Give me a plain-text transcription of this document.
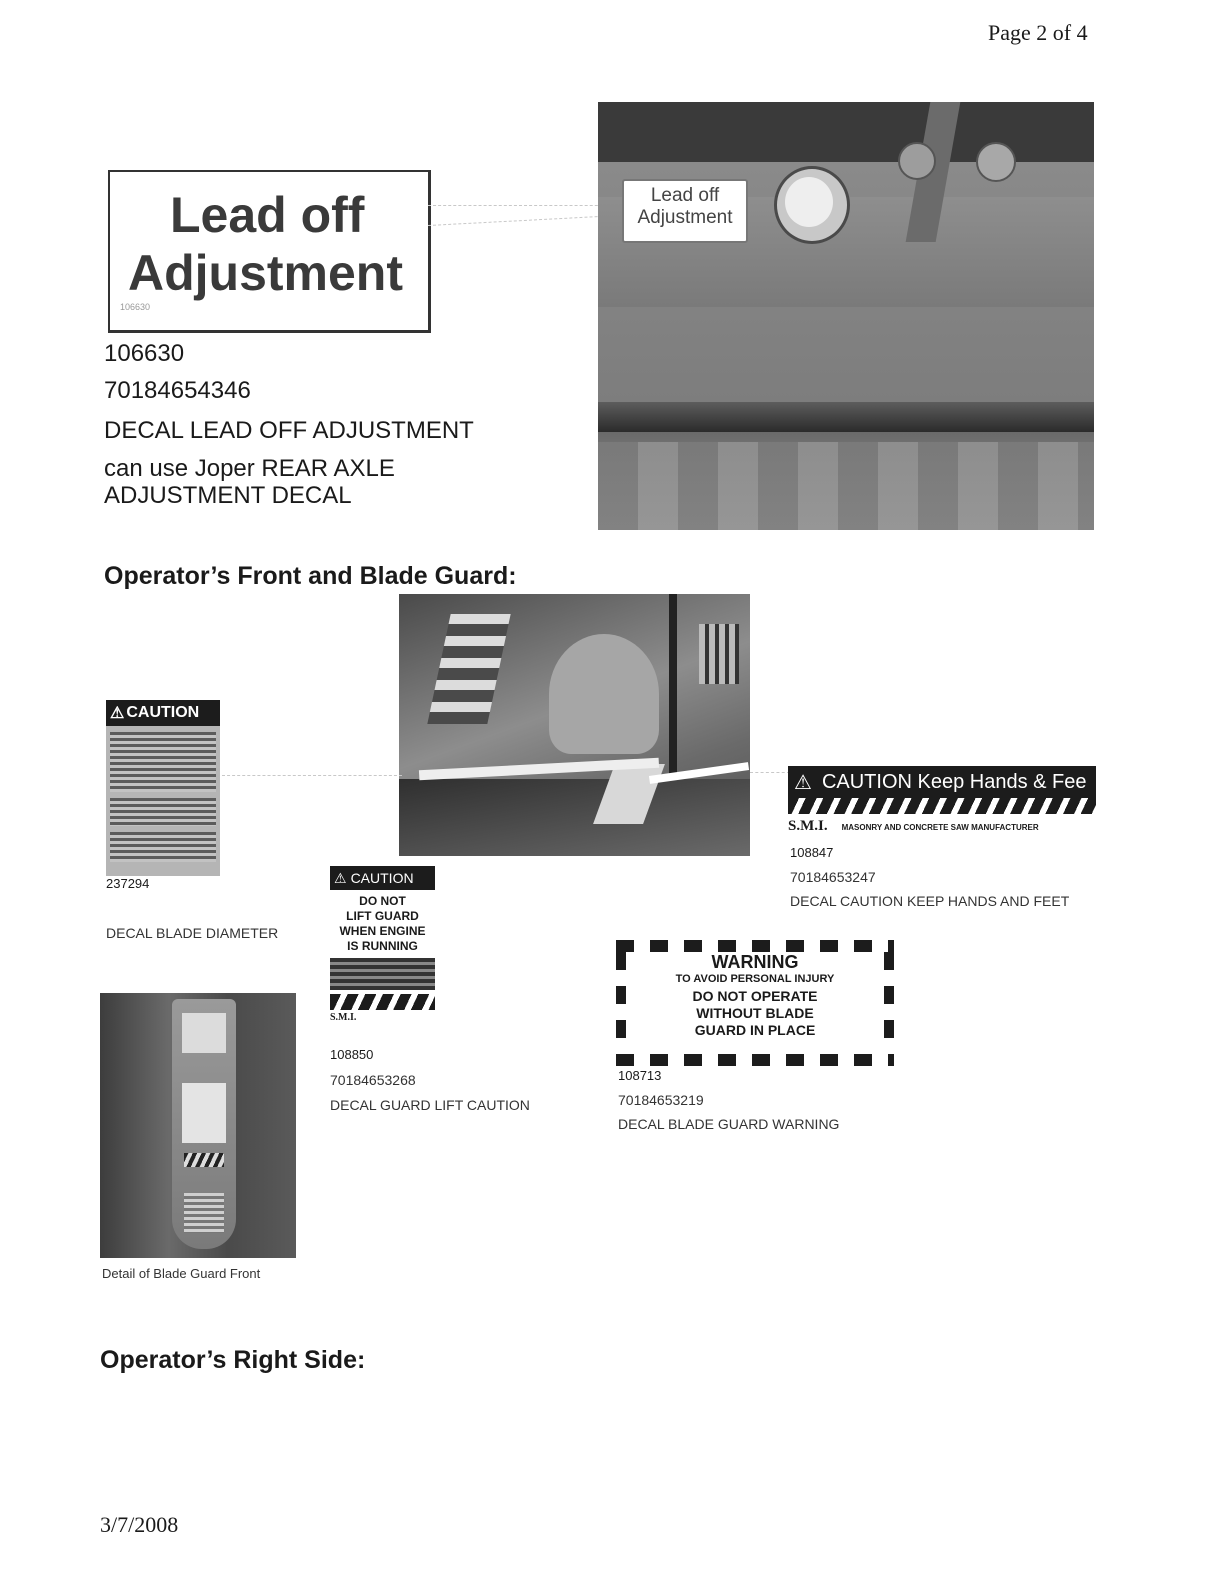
Page 2 of 4
Lead off
Adjustment
106630
106630
70184654346
DECAL LEAD OFF ADJUSTMENT
can use Joper REAR AXLE
ADJUSTMENT DECAL
Lead off
Adjustment
Operator’s Front and Blade Guard:
⚠ CAUTION
237294
DECAL BLADE DIAMETER
Detail of Blade Guard Front
⚠ CAUTION
DO NOT
LIFT GUARD
WHEN ENGINE
IS RUNNING
S.M.I.
108850
70184653268
DECAL GUARD LIFT CAUTION
⚠ CAUTION Keep Hands & Fee
S.M.I. MASONRY AND CONCRETE SAW MANUFACTURER
108847
70184653247
DECAL CAUTION KEEP HANDS AND FEET
WARNING
TO AVOID PERSONAL INJURY
DO NOT OPERATE
WITHOUT BLADE
GUARD IN PLACE
108713
70184653219
DECAL BLADE GUARD WARNING
Operator’s Right Side:
3/7/2008
